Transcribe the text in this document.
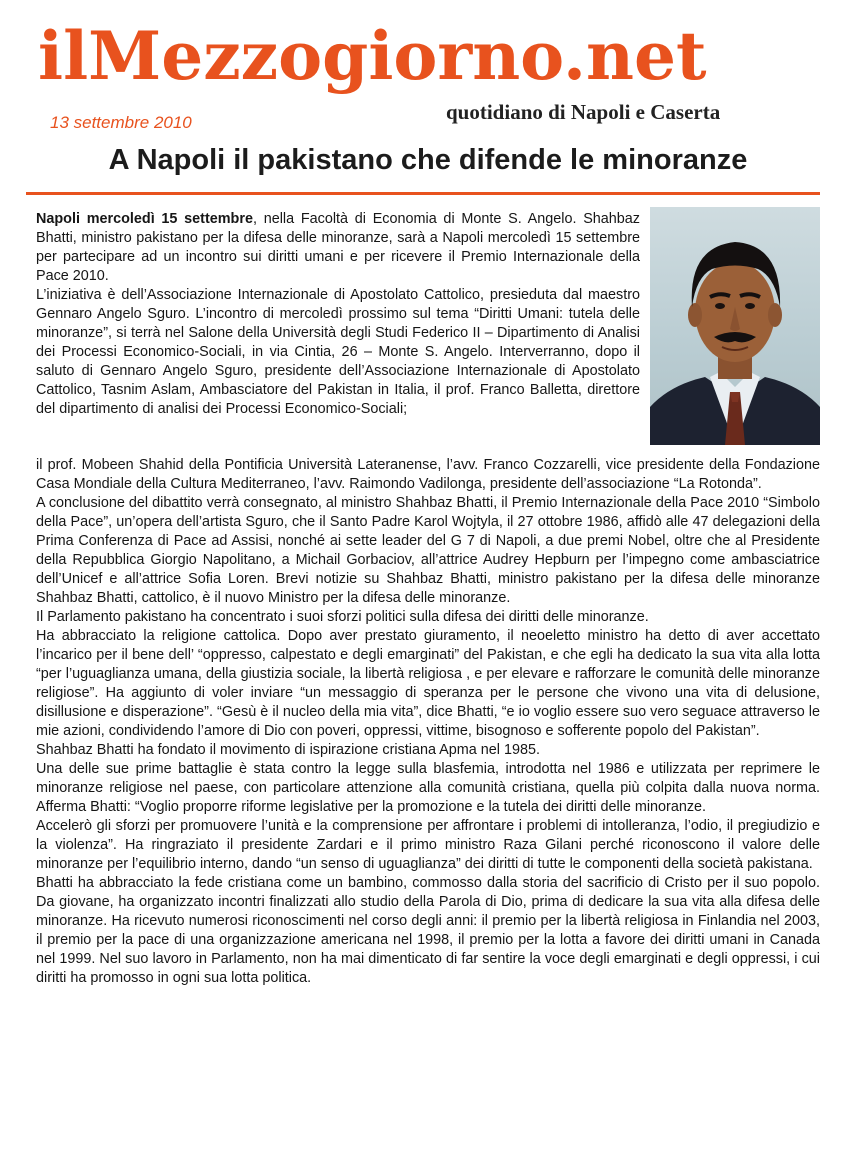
ilMezzogiorno.net
13 settembre 2010	quotidiano di Napoli e Caserta
A Napoli il pakistano che difende le minoranze

Napoli mercoledì 15 settembre, nella Facoltà di Economia di Monte S. Angelo. Shahbaz Bhatti, ministro pakistano per la difesa delle minoranze, sarà a Napoli mercoledì 15 settembre per partecipare ad un incontro sui diritti umani e per ricevere il Premio Internazionale della Pace 2010.

L’iniziativa è dell’Associazione Internazionale di Apostolato Cattolico, presieduta dal maestro Gennaro Angelo Sguro. L’incontro di mercoledì prossimo sul tema “Diritti Umani: tutela delle minoranze”, si terrà nel Salone della Università degli Studi Federico II – Dipartimento di Analisi dei Processi Economico-Sociali, in via Cintia, 26 – Monte S. Angelo. Interverranno, dopo il saluto di Gennaro Angelo Sguro, presidente dell’Associazione Internazionale di Apostolato Cattolico, Tasnim Aslam, Ambasciatore del Pakistan in Italia, il prof. Franco Balletta, direttore del dipartimento di analisi dei Processi Economico-Sociali;

il prof. Mobeen Shahid della Pontificia Università Lateranense, l’avv. Franco Cozzarelli, vice presidente della Fondazione Casa Mondiale della Cultura Mediterraneo, l’avv. Raimondo Vadilonga, presidente dell’associazione “La Rotonda”.

A conclusione del dibattito verrà consegnato, al ministro Shahbaz Bhatti, il Premio Internazionale della Pace 2010 “Simbolo della Pace”, un’opera dell’artista Sguro, che il Santo Padre Karol Wojtyla, il 27 ottobre 1986, affidò alle 47 delegazioni della Prima Conferenza di Pace ad Assisi, nonché ai sette leader del G 7 di Napoli, a due premi Nobel, oltre che al Presidente della Repubblica Giorgio Napolitano, a Michail Gorbaciov, all’attrice Audrey Hepburn per l’impegno come ambasciatrice dell’Unicef e all’attrice Sofia Loren. Brevi notizie su Shahbaz Bhatti, ministro pakistano per la difesa delle minoranze Shahbaz Bhatti, cattolico, è il nuovo Ministro per la difesa delle minoranze.

Il Parlamento pakistano ha concentrato i suoi sforzi politici sulla difesa dei diritti delle minoranze.

Ha abbracciato la religione cattolica. Dopo aver prestato giuramento, il neoeletto ministro ha detto di aver accettato l’incarico per il bene dell’ “oppresso, calpestato e degli emarginati” del Pakistan, e che egli ha dedicato la sua vita alla lotta “per l’uguaglianza umana, della giustizia sociale, la libertà religiosa , e per elevare e rafforzare le comunità delle minoranze religiose”. Ha aggiunto di voler inviare “un messaggio di speranza per le persone che vivono una vita di delusione, disillusione e disperazione”. “Gesù è il nucleo della mia vita”, dice Bhatti, “e io voglio essere suo vero seguace attraverso le mie azioni, condividendo l’amore di Dio con poveri, oppressi, vittime, bisognoso e sofferente popolo del Pakistan”.

Shahbaz Bhatti ha fondato il movimento di ispirazione cristiana Apma nel 1985.

Una delle sue prime battaglie è stata contro la legge sulla blasfemia, introdotta nel 1986 e utilizzata per reprimere le minoranze religiose nel paese, con particolare attenzione alla comunità cristiana, quella più colpita dalla nuova norma. Afferma Bhatti: “Voglio proporre riforme legislative per la promozione e la tutela dei diritti delle minoranze.

Accelerò gli sforzi per promuovere l’unità e la comprensione per affrontare i problemi di intolleranza, l’odio, il pregiudizio e la violenza”. Ha ringraziato il presidente Zardari e il primo ministro Raza Gilani perché riconoscono il valore delle minoranze per l’equilibrio interno, dando “un senso di uguaglianza” dei diritti di tutte le componenti della società pakistana.

Bhatti ha abbracciato la fede cristiana come un bambino, commosso dalla storia del sacrificio di Cristo per il suo popolo. Da giovane, ha organizzato incontri finalizzati allo studio della Parola di Dio, prima di dedicare la sua vita alla difesa delle minoranze. Ha ricevuto numerosi riconoscimenti nel corso degli anni: il premio per la libertà religiosa in Finlandia nel 2003, il premio per la pace di una organizzazione americana nel 1998, il premio per la lotta a favore dei diritti umani in Canada nel 1999. Nel suo lavoro in Parlamento, non ha mai dimenticato di far sentire la voce degli emarginati e degli oppressi, i cui diritti ha promosso in ogni sua lotta politica.
